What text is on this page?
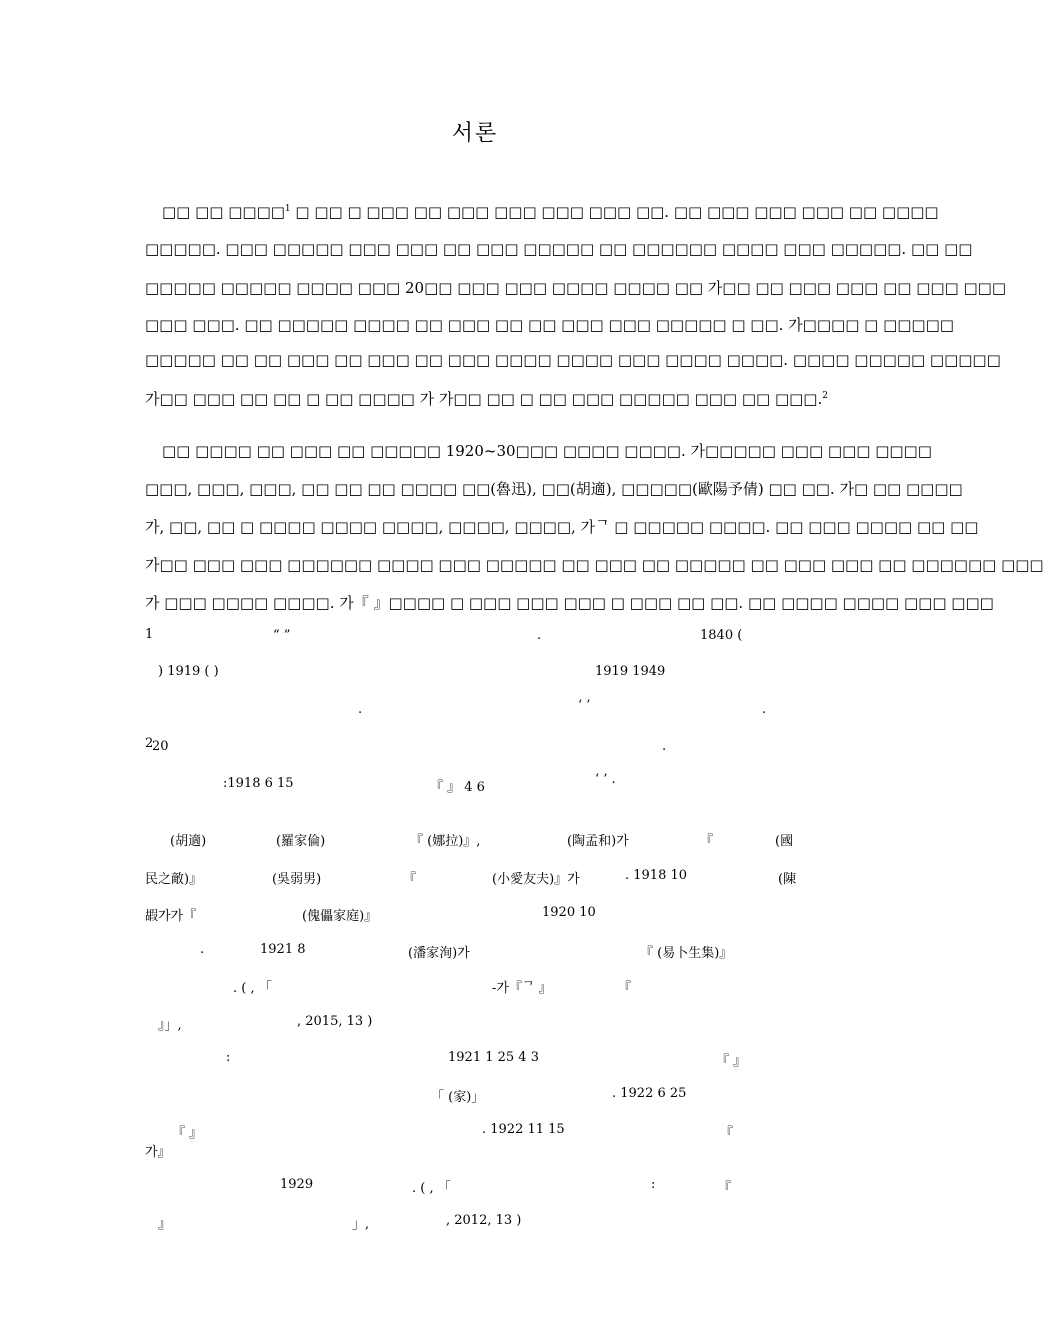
서론
□□ □□ □□□□$^1$ □ □□ □ □□□ □□ □□□ □□□ □□□ □□□ □□. □□ □□□ □□□ □□□ □□ □□□□
□□□□□. □□□ □□□□□ □□□ □□□ □□ □□□ □□□□□ □□ □□□□□□ □□□□ □□□ □□□□□. □□ □□
□□□□□ □□□□□ □□□□ □□□ 20□□ □□□ □□□ □□□□ □□□□ □□ 가□□ □□ □□□ □□□ □□ □□□ □□□
□□□ □□□. □□ □□□□□ □□□□ □□ □□□ □□ □□ □□□ □□□ □□□□□ □ □□. 가□□□□ □ □□□□□
□□□□□ □□ □□ □□□ □□ □□□ □□ □□□ □□□□ □□□□ □□□ □□□□ □□□□. □□□□ □□□□□ □□□□□
가□□ □□□ □□ □□ □ □□ □□□□ 가 가□□ □□ □ □□ □□□ □□□□□ □□□ □□ □□□.$^2$
□□ □□□□ □□ □□□ □□ □□□□□ 1920~30□□□ □□□□ □□□□. 가□□□□□ □□□ □□□ □□□□
□□□, □□□, □□□, □□ □□ □□ □□□□ □□(魯迅), □□(胡適), □□□□□(歐陽予倩) □□ □□. 가□ □□ □□□□
가, □□, □□ □ □□□□ □□□□ □□□□, □□□□, □□□□, 가ᄀ □ □□□□□ □□□□. □□ □□□ □□□□ □□ □□
가□□ □□□ □□□ □□□□□□ □□□□ □□□ □□□□□ □□ □□□ □□ □□□□□ □□ □□□ □□□ □□ □□□□□□ □□□
가 □□□ □□□□ □□□□. 가『 』□□□□ □ □□□ □□□ □□□ □ □□□ □□ □□. □□ □□□□ □□□□ □□□ □□□
1	“ ”	.	1840 (
) 1919 ( )	1919 1949
.	‘ ’	.
2
20	.
:1918 6 15	『 』 4 6
‘ ’ .
(胡適)	(羅家倫)	『 (娜拉)』,	(陶孟和)가	『	(國
民之敵)』	(吳弱男)	『	(小愛友夫)』가	. 1918 10	(陳
嘏가가『	(傀儡家庭)』	1920 10
.	1921 8	(潘家洵)가	『 (易卜生集)』
. ( , 「	-가『ᄀ 』	『
』」,	, 2015, 13 )
:	1921 1 25 4 3	『 』
「 (家)」	. 1922 6 25
『 』	. 1922 11 15	『
가』
1929	. ( , 「	:	『
』	」,	, 2012, 13 )
